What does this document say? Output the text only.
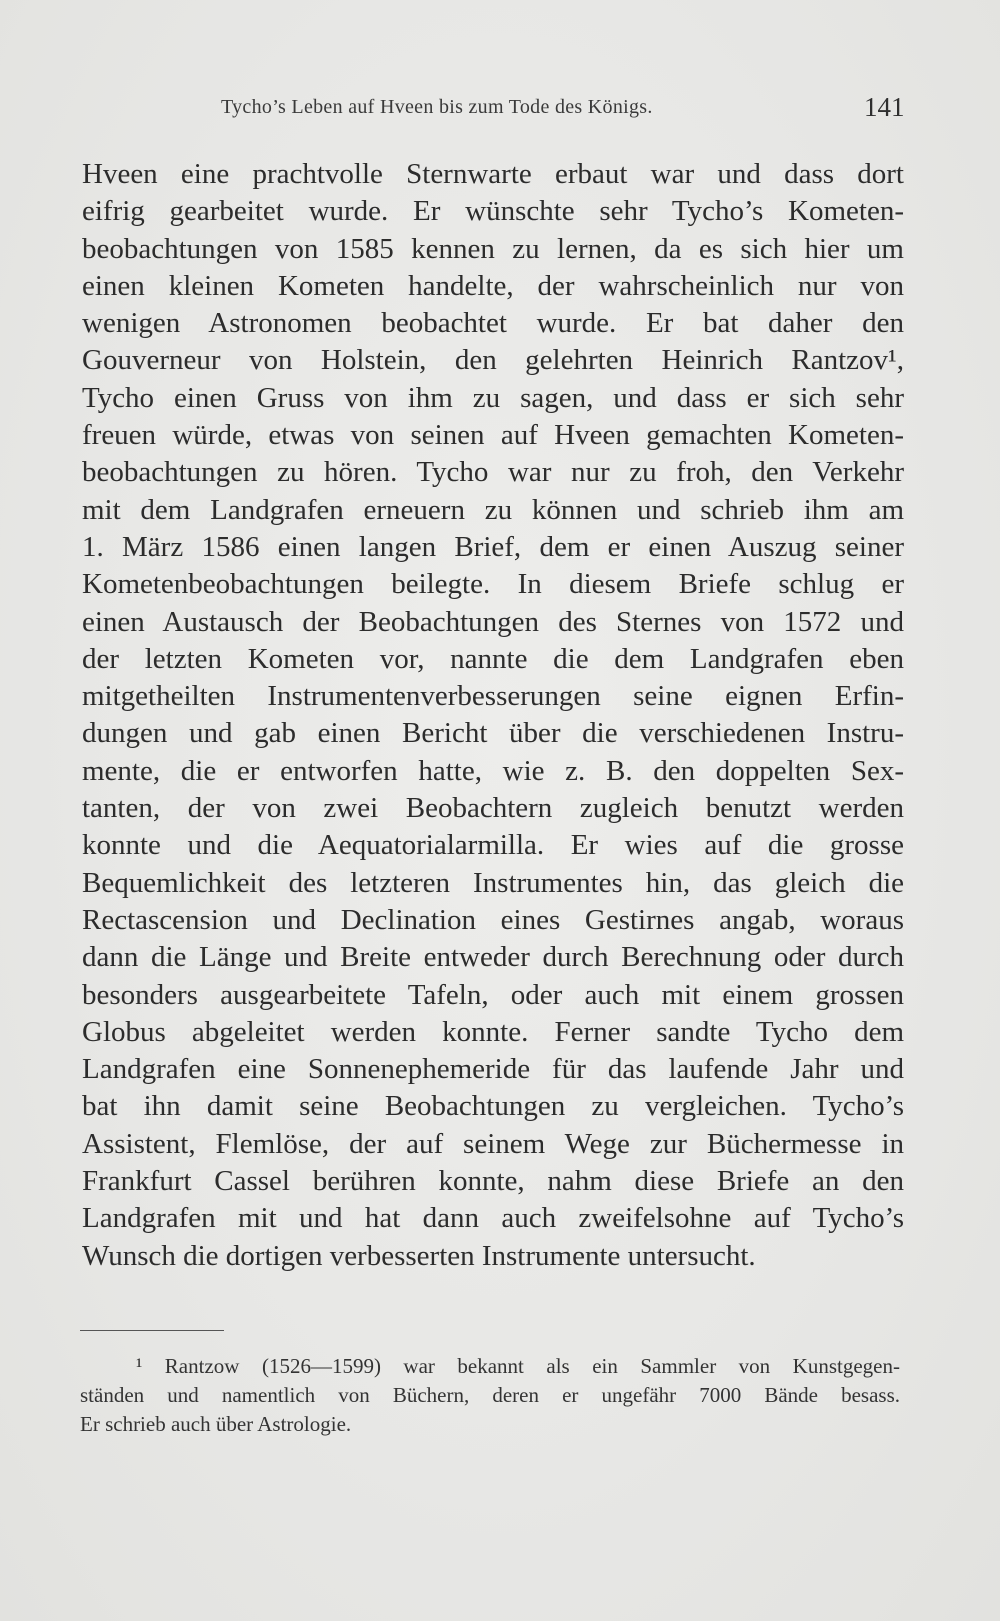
Tycho’s Leben auf Hveen bis zum Tode des Königs.	141
Hveen eine prachtvolle Sternwarte erbaut war und dass dort
eifrig gearbeitet wurde. Er wünschte sehr Tycho’s Kometen-
beobachtungen von 1585 kennen zu lernen, da es sich hier um
einen kleinen Kometen handelte, der wahrscheinlich nur von
wenigen Astronomen beobachtet wurde. Er bat daher den
Gouverneur von Holstein, den gelehrten Heinrich Rantzov¹,
Tycho einen Gruss von ihm zu sagen, und dass er sich sehr
freuen würde, etwas von seinen auf Hveen gemachten Kometen-
beobachtungen zu hören. Tycho war nur zu froh, den Verkehr
mit dem Landgrafen erneuern zu können und schrieb ihm am
1. März 1586 einen langen Brief, dem er einen Auszug seiner
Kometenbeobachtungen beilegte. In diesem Briefe schlug er
einen Austausch der Beobachtungen des Sternes von 1572 und
der letzten Kometen vor, nannte die dem Landgrafen eben
mitgetheilten Instrumentenverbesserungen seine eignen Erfin-
dungen und gab einen Bericht über die verschiedenen Instru-
mente, die er entworfen hatte, wie z. B. den doppelten Sex-
tanten, der von zwei Beobachtern zugleich benutzt werden
konnte und die Aequatorialarmilla. Er wies auf die grosse
Bequemlichkeit des letzteren Instrumentes hin, das gleich die
Rectascension und Declination eines Gestirnes angab, woraus
dann die Länge und Breite entweder durch Berechnung oder durch
besonders ausgearbeitete Tafeln, oder auch mit einem grossen
Globus abgeleitet werden konnte. Ferner sandte Tycho dem
Landgrafen eine Sonnenephemeride für das laufende Jahr und
bat ihn damit seine Beobachtungen zu vergleichen. Tycho’s
Assistent, Flemlöse, der auf seinem Wege zur Büchermesse in
Frankfurt Cassel berühren konnte, nahm diese Briefe an den
Landgrafen mit und hat dann auch zweifelsohne auf Tycho’s
Wunsch die dortigen verbesserten Instrumente untersucht.
¹ Rantzow (1526—1599) war bekannt als ein Sammler von Kunstgegen-
ständen und namentlich von Büchern, deren er ungefähr 7000 Bände besass.
Er schrieb auch über Astrologie.
